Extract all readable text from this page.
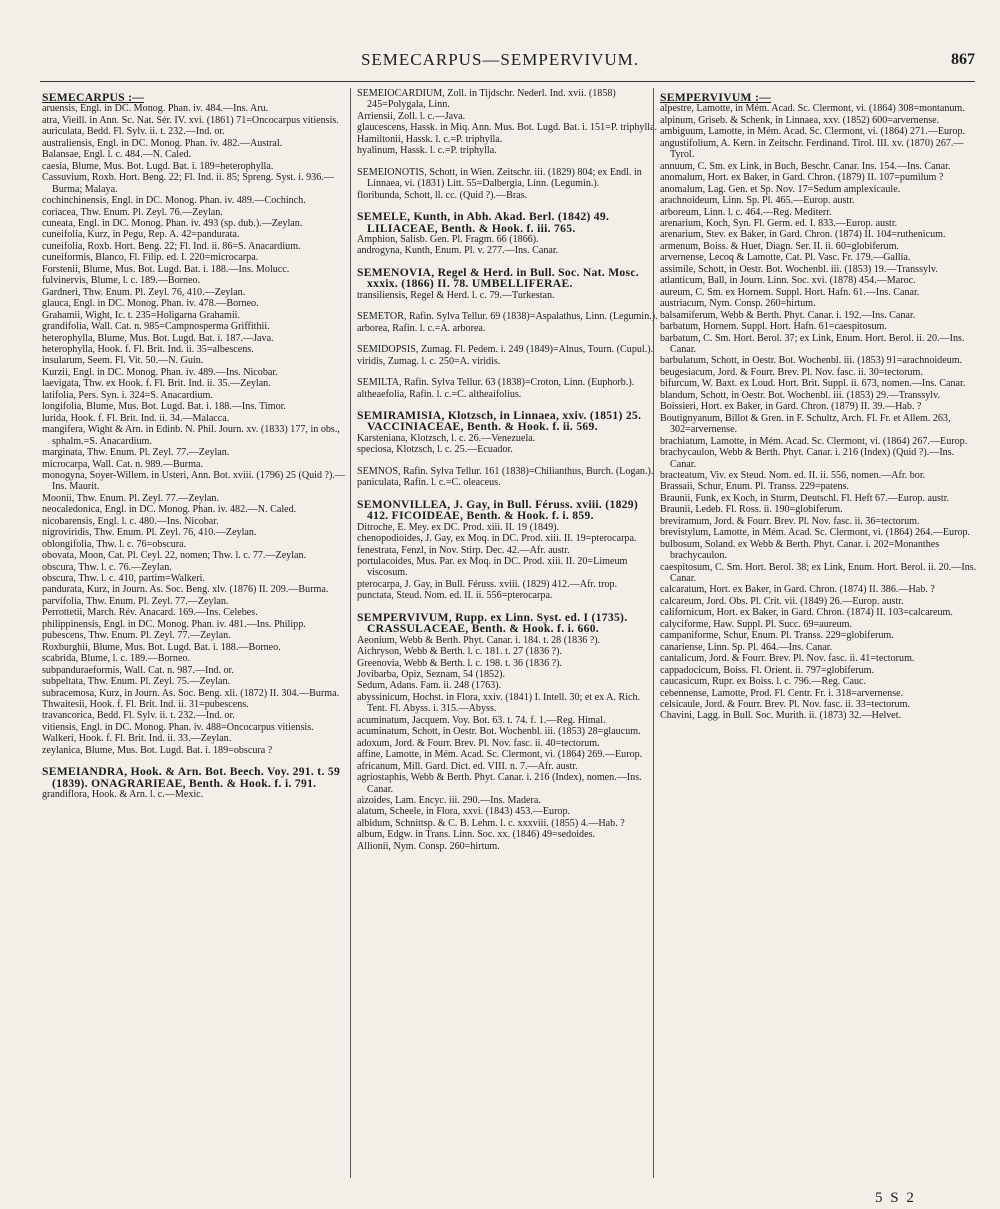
SEMECARPUS—SEMPERVIVUM.	867

SEMECARPUS :—

aruensis, Engl. in DC. Monog. Phan. iv. 484.—Ins. Aru.

atra, Vieill. in Ann. Sc. Nat. Sér. IV. xvi. (1861) 71=Oncocarpus vitiensis.

auriculata, Bedd. Fl. Sylv. ii. t. 232.—Ind. or.

australiensis, Engl. in DC. Monog. Phan. iv. 482.—Austral.

Balansae, Engl. l. c. 484.—N. Caled.

caesia, Blume, Mus. Bot. Lugd. Bat. i. 189=heterophylla.

Cassuvium, Roxb. Hort. Beng. 22; Fl. Ind. ii. 85; Spreng. Syst. i. 936.—Burma; Malaya.

cochinchinensis, Engl. in DC. Monog. Phan. iv. 489.—Cochinch.

coriacea, Thw. Enum. Pl. Zeyl. 76.—Zeylan.

cuneata, Engl. in DC. Monog. Phan. iv. 493 (sp. dub.).—Zeylan.

cuneifolia, Kurz, in Pegu, Rep. A. 42=pandurata.

cuneifolia, Roxb. Hort. Beng. 22; Fl. Ind. ii. 86=S. Anacardium.

cuneiformis, Blanco, Fl. Filip. ed. I. 220=microcarpa.

Forstenii, Blume, Mus. Bot. Lugd. Bat. i. 188.—Ins. Molucc.

fulvinervis, Blume, l. c. 189.—Borneo.

Gardneri, Thw. Enum. Pl. Zeyl. 76, 410.—Zeylan.

glauca, Engl. in DC. Monog. Phan. iv. 478.—Borneo.

Grahamii, Wight, Ic. t. 235=Holigarna Grahamii.

grandifolia, Wall. Cat. n. 985=Campnosperma Griffithii.

heterophylla, Blume, Mus. Bot. Lugd. Bat. i. 187.—Java.

heterophylla, Hook. f. Fl. Brit. Ind. ii. 35=albescens.

insularum, Seem. Fl. Vit. 50.—N. Guin.

Kurzii, Engl. in DC. Monog. Phan. iv. 489.—Ins. Nicobar.

laevigata, Thw. ex Hook. f. Fl. Brit. Ind. ii. 35.—Zeylan.

latifolia, Pers. Syn. i. 324=S. Anacardium.

longifolia, Blume, Mus. Bot. Lugd. Bat. i. 188.—Ins. Timor.

lurida, Hook. f. Fl. Brit. Ind. ii. 34.—Malacca.

mangifera, Wight & Arn. in Edinb. N. Phil. Journ. xv. (1833) 177, in obs., sphalm.=S. Anacardium.

marginata, Thw. Enum. Pl. Zeyl. 77.—Zeylan.

microcarpa, Wall. Cat. n. 989.—Burma.

monogyna, Soyer-Willem. in Usteri, Ann. Bot. xviii. (1796) 25 (Quid ?).—Ins. Maurit.

Moonii, Thw. Enum. Pl. Zeyl. 77.—Zeylan.

neocaledonica, Engl. in DC. Monog. Phan. iv. 482.—N. Caled.

nicobarensis, Engl. l. c. 480.—Ins. Nicobar.

nigroviridis, Thw. Enum. Pl. Zeyl. 76, 410.—Zeylan.

oblongifolia, Thw. l. c. 76=obscura.

obovata, Moon, Cat. Pl. Ceyl. 22, nomen; Thw. l. c. 77.—Zeylan.

obscura, Thw. l. c. 76.—Zeylan.

obscura, Thw. l. c. 410, partim=Walkeri.

pandurata, Kurz, in Journ. As. Soc. Beng. xlv. (1876) II. 209.—Burma.

parvifolia, Thw. Enum. Pl. Zeyl. 77.—Zeylan.

Perrottetii, March. Rév. Anacard. 169.—Ins. Celebes.

philippinensis, Engl. in DC. Monog. Phan. iv. 481.—Ins. Philipp.

pubescens, Thw. Enum. Pl. Zeyl. 77.—Zeylan.

Roxburghii, Blume, Mus. Bot. Lugd. Bat. i. 188.—Borneo.

scabrida, Blume, l. c. 189.—Borneo.

subpanduraeformis, Wall. Cat. n. 987.—Ind. or.

subpeltata, Thw. Enum. Pl. Zeyl. 75.—Zeylan.

subracemosa, Kurz, in Journ. As. Soc. Beng. xli. (1872) II. 304.—Burma.

Thwaitesii, Hook. f. Fl. Brit. Ind. ii. 31=pubescens.

travancorica, Bedd. Fl. Sylv. ii. t. 232.—Ind. or.

vitiensis, Engl. in DC. Monog. Phan. iv. 488=Oncocarpus vitiensis.

Walkeri, Hook. f. Fl. Brit. Ind. ii. 33.—Zeylan.

zeylanica, Blume, Mus. Bot. Lugd. Bat. i. 189=obscura ?

SEMEIANDRA, Hook. & Arn. Bot. Beech. Voy. 291. t. 59 (1839). ONAGRARIEAE, Benth. & Hook. f. i. 791.

grandiflora, Hook. & Arn. l. c.—Mexic.

SEMEIOCARDIUM, Zoll. in Tijdschr. Nederl. Ind. xvii. (1858) 245=Polygala, Linn.

Arriensii, Zoll. l. c.—Java.

glaucescens, Hassk. in Miq. Ann. Mus. Bot. Lugd. Bat. i. 151=P. triphylla.

Hamiltonii, Hassk. l. c.=P. triphylla.

hyalinum, Hassk. l. c.=P. triphylla.

SEMEIONOTIS, Schott, in Wien. Zeitschr. iii. (1829) 804; ex Endl. in Linnaea, vi. (1831) Litt. 55=Dalbergia, Linn. (Legumin.).

floribunda, Schott, ll. cc. (Quid ?).—Bras.

SEMELE, Kunth, in Abh. Akad. Berl. (1842) 49. LILIACEAE, Benth. & Hook. f. iii. 765.

Amphion, Salisb. Gen. Pl. Fragm. 66 (1866).

androgyna, Kunth, Enum. Pl. v. 277.—Ins. Canar.

SEMENOVIA, Regel & Herd. in Bull. Soc. Nat. Mosc. xxxix. (1866) II. 78. UMBELLIFERAE.

transiliensis, Regel & Herd. l. c. 79.—Turkestan.

SEMETOR, Rafin. Sylva Tellur. 69 (1838)=Aspalathus, Linn. (Legumin.).

arborea, Rafin. l. c.=A. arborea.

SEMIDOPSIS, Zumag. Fl. Pedem. i. 249 (1849)=Alnus, Tourn. (Cupul.).

viridis, Zumag. l. c. 250=A. viridis.

SEMILTA, Rafin. Sylva Tellur. 63 (1838)=Croton, Linn. (Euphorb.).

altheaefolia, Rafin. l. c.=C. altheaifolius.

SEMIRAMISIA, Klotzsch, in Linnaea, xxiv. (1851) 25. VACCINIACEAE, Benth. & Hook. f. ii. 569.

Karsteniana, Klotzsch, l. c. 26.—Venezuela.

speciosa, Klotzsch, l. c. 25.—Ecuador.

SEMNOS, Rafin. Sylva Tellur. 161 (1838)=Chilianthus, Burch. (Logan.).

paniculata, Rafin. l. c.=C. oleaceus.

SEMONVILLEA, J. Gay, in Bull. Féruss. xviii. (1829) 412. FICOIDEAE, Benth. & Hook. f. i. 859.

Ditroche, E. Mey. ex DC. Prod. xiii. II. 19 (1849).

chenopodioides, J. Gay, ex Moq. in DC. Prod. xiii. II. 19=pterocarpa.

fenestrata, Fenzl, in Nov. Stirp. Dec. 42.—Afr. austr.

portulacoides, Mus. Par. ex Moq. in DC. Prod. xiii. II. 20=Limeum viscosum.

pterocarpa, J. Gay, in Bull. Féruss. xviii. (1829) 412.—Afr. trop.

punctata, Steud. Nom. ed. II. ii. 556=pterocarpa.

SEMPERVIVUM, Rupp. ex Linn. Syst. ed. I (1735). CRASSULACEAE, Benth. & Hook. f. i. 660.

Aeonium, Webb & Berth. Phyt. Canar. i. 184. t. 28 (1836 ?).

Aichryson, Webb & Berth. l. c. 181. t. 27 (1836 ?).

Greenovia, Webb & Berth. l. c. 198. t. 36 (1836 ?).

Jovibarba, Opiz, Seznam, 54 (1852).

Sedum, Adans. Fam. ii. 248 (1763).

abyssinicum, Hochst. in Flora, xxiv. (1841) I. Intell. 30; et ex A. Rich. Tent. Fl. Abyss. i. 315.—Abyss.

acuminatum, Jacquem. Voy. Bot. 63. t. 74. f. 1.—Reg. Himal.

acuminatum, Schott, in Oestr. Bot. Wochenbl. iii. (1853) 28=glaucum.

adoxum, Jord. & Fourr. Brev. Pl. Nov. fasc. ii. 40=tectorum.

affine, Lamotte, in Mém. Acad. Sc. Clermont, vi. (1864) 269.—Europ.

africanum, Mill. Gard. Dict. ed. VIII. n. 7.—Afr. austr.

agriostaphis, Webb & Berth. Phyt. Canar. i. 216 (Index), nomen.—Ins. Canar.

aizoides, Lam. Encyc. iii. 290.—Ins. Madera.

alatum, Scheele, in Flora, xxvi. (1843) 453.—Europ.

albidum, Schnittsp. & C. B. Lehm. l. c. xxxviii. (1855) 4.—Hab. ?

album, Edgw. in Trans. Linn. Soc. xx. (1846) 49=sedoides.

Allionii, Nym. Consp. 260=hirtum.

SEMPERVIVUM :—

alpestre, Lamotte, in Mém. Acad. Sc. Clermont, vi. (1864) 308=montanum.

alpinum, Griseb. & Schenk, in Linnaea, xxv. (1852) 600=arvernense.

ambiguum, Lamotte, in Mém. Acad. Sc. Clermont, vi. (1864) 271.—Europ.

angustifolium, A. Kern. in Zeitschr. Ferdinand. Tirol. III. xv. (1870) 267.—Tyrol.

annuum, C. Sm. ex Link, in Buch, Beschr. Canar. Ins. 154.—Ins. Canar.

anomalum, Hort. ex Baker, in Gard. Chron. (1879) II. 107=pumilum ?

anomalum, Lag. Gen. et Sp. Nov. 17=Sedum amplexicaule.

arachnoideum, Linn. Sp. Pl. 465.—Europ. austr.

arboreum, Linn. l. c. 464.—Reg. Mediterr.

arenarium, Koch, Syn. Fl. Germ. ed. I. 833.—Europ. austr.

arenarium, Stev. ex Baker, in Gard. Chron. (1874) II. 104=ruthenicum.

armenum, Boiss. & Huet, Diagn. Ser. II. ii. 60=globiferum.

arvernense, Lecoq & Lamotte, Cat. Pl. Vasc. Fr. 179.—Gallia.

assimile, Schott, in Oestr. Bot. Wochenbl. iii. (1853) 19.—Transsylv.

atlanticum, Ball, in Journ. Linn. Soc. xvi. (1878) 454.—Maroc.

aureum, C. Sm. ex Hornem. Suppl. Hort. Hafn. 61.—Ins. Canar.

austriacum, Nym. Consp. 260=hirtum.

balsamiferum, Webb & Berth. Phyt. Canar. i. 192.—Ins. Canar.

barbatum, Hornem. Suppl. Hort. Hafn. 61=caespitosum.

barbatum, C. Sm. Hort. Berol. 37; ex Link, Enum. Hort. Berol. ii. 20.—Ins. Canar.

barbulatum, Schott, in Oestr. Bot. Wochenbl. iii. (1853) 91=arachnoideum.

beugesiacum, Jord. & Fourr. Brev. Pl. Nov. fasc. ii. 30=tectorum.

bifurcum, W. Baxt. ex Loud. Hort. Brit. Suppl. ii. 673, nomen.—Ins. Canar.

blandum, Schott, in Oestr. Bot. Wochenbl. iii. (1853) 29.—Transsylv.

Boissieri, Hort. ex Baker, in Gard. Chron. (1879) II. 39.—Hab. ?

Boutignyanum, Billot & Gren. in F. Schultz, Arch. Fl. Fr. et Allem. 263, 302=arvernense.

brachiatum, Lamotte, in Mém. Acad. Sc. Clermont, vi. (1864) 267.—Europ.

brachycaulon, Webb & Berth. Phyt. Canar. i. 216 (Index) (Quid ?).—Ins. Canar.

bracteatum, Viv. ex Steud. Nom. ed. II. ii. 556, nomen.—Afr. bor.

Brassaii, Schur, Enum. Pl. Transs. 229=patens.

Braunii, Funk, ex Koch, in Sturm, Deutschl. Fl. Heft 67.—Europ. austr.

Braunii, Ledeb. Fl. Ross. ii. 190=globiferum.

breviramum, Jord. & Fourr. Brev. Pl. Nov. fasc. ii. 36=tectorum.

brevistylum, Lamotte, in Mém. Acad. Sc. Clermont, vi. (1864) 264.—Europ.

bulbosum, Soland. ex Webb & Berth. Phyt. Canar. i. 202=Monanthes brachycaulon.

caespitosum, C. Sm. Hort. Berol. 38; ex Link, Enum. Hort. Berol. ii. 20.—Ins. Canar.

calcaratum, Hort. ex Baker, in Gard. Chron. (1874) II. 386.—Hab. ?

calcareum, Jord. Obs. Pl. Crit. vii. (1849) 26.—Europ. austr.

californicum, Hort. ex Baker, in Gard. Chron. (1874) II. 103=calcareum.

calyciforme, Haw. Suppl. Pl. Succ. 69=aureum.

campaniforme, Schur, Enum. Pl. Transs. 229=globiferum.

canariense, Linn. Sp. Pl. 464.—Ins. Canar.

cantalicum, Jord. & Fourr. Brev. Pl. Nov. fasc. ii. 41=tectorum.

cappadocicum, Boiss. Fl. Orient. ii. 797=globiferum.

caucasicum, Rupr. ex Boiss. l. c. 796.—Reg. Cauc.

cebennense, Lamotte, Prod. Fl. Centr. Fr. i. 318=arvernense.

celsicaule, Jord. & Fourr. Brev. Pl. Nov. fasc. ii. 33=tectorum.

Chavini, Lagg. in Bull. Soc. Murith. ii. (1873) 32.—Helvet.

5 S 2
